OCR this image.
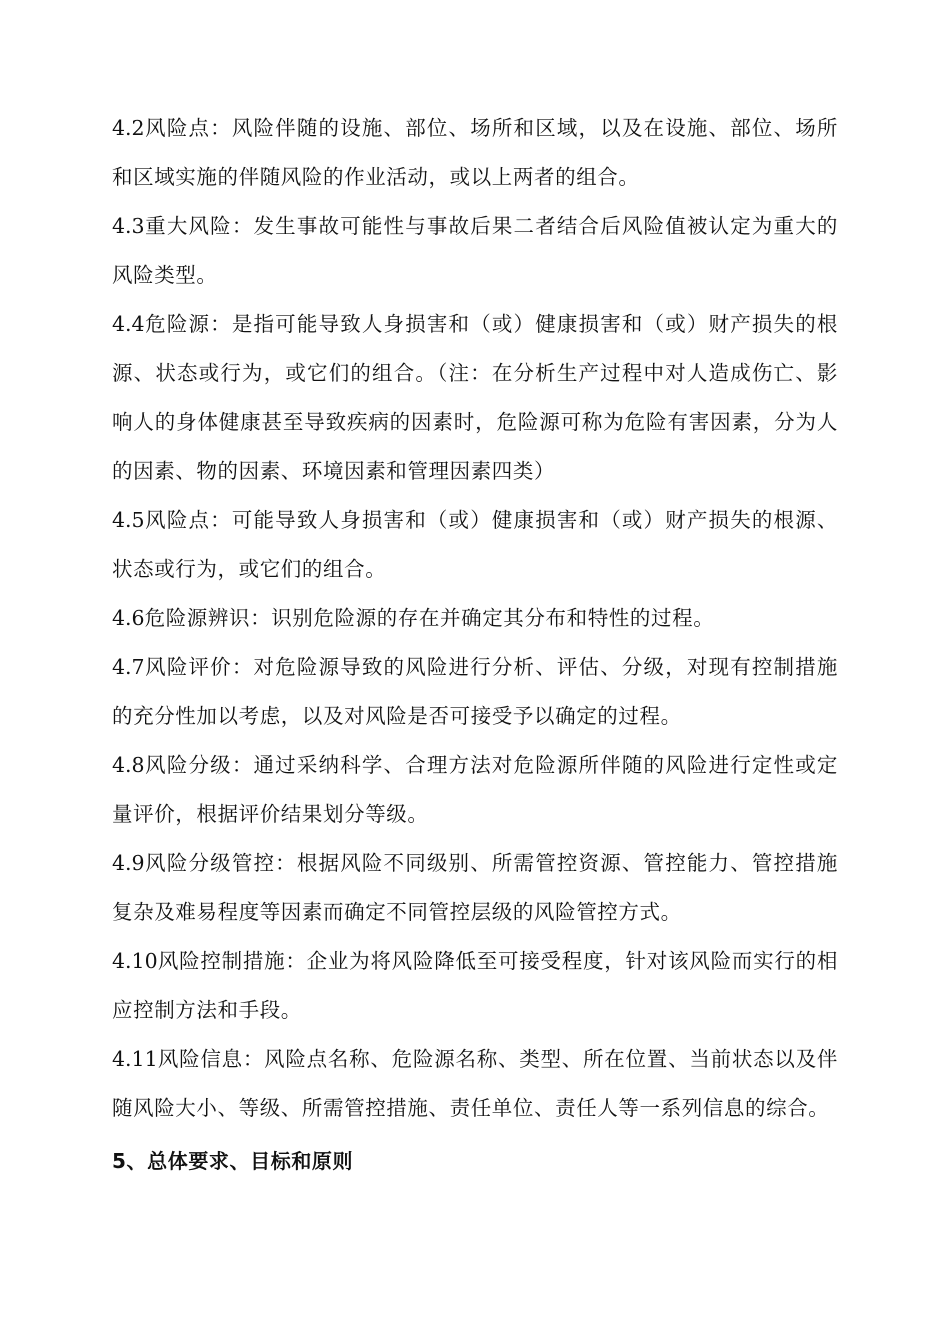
4.2风险点：风险伴随的设施、部位、场所和区域，以及在设施、部位、场所和区域实施的伴随风险的作业活动，或以上两者的组合。

4.3重大风险：发生事故可能性与事故后果二者结合后风险值被认定为重大的风险类型。

4.4危险源：是指可能导致人身损害和（或）健康损害和（或）财产损失的根源、状态或行为，或它们的组合。（注：在分析生产过程中对人造成伤亡、影响人的身体健康甚至导致疾病的因素时，危险源可称为危险有害因素，分为人的因素、物的因素、环境因素和管理因素四类）

4.5风险点：可能导致人身损害和（或）健康损害和（或）财产损失的根源、状态或行为，或它们的组合。

4.6危险源辨识：识别危险源的存在并确定其分布和特性的过程。

4.7风险评价：对危险源导致的风险进行分析、评估、分级，对现有控制措施的充分性加以考虑，以及对风险是否可接受予以确定的过程。

4.8风险分级：通过采纳科学、合理方法对危险源所伴随的风险进行定性或定量评价，根据评价结果划分等级。

4.9风险分级管控：根据风险不同级别、所需管控资源、管控能力、管控措施复杂及难易程度等因素而确定不同管控层级的风险管控方式。

4.10风险控制措施：企业为将风险降低至可接受程度，针对该风险而实行的相应控制方法和手段。

4.11风险信息：风险点名称、危险源名称、类型、所在位置、当前状态以及伴随风险大小、等级、所需管控措施、责任单位、责任人等一系列信息的综合。

5、总体要求、目标和原则
